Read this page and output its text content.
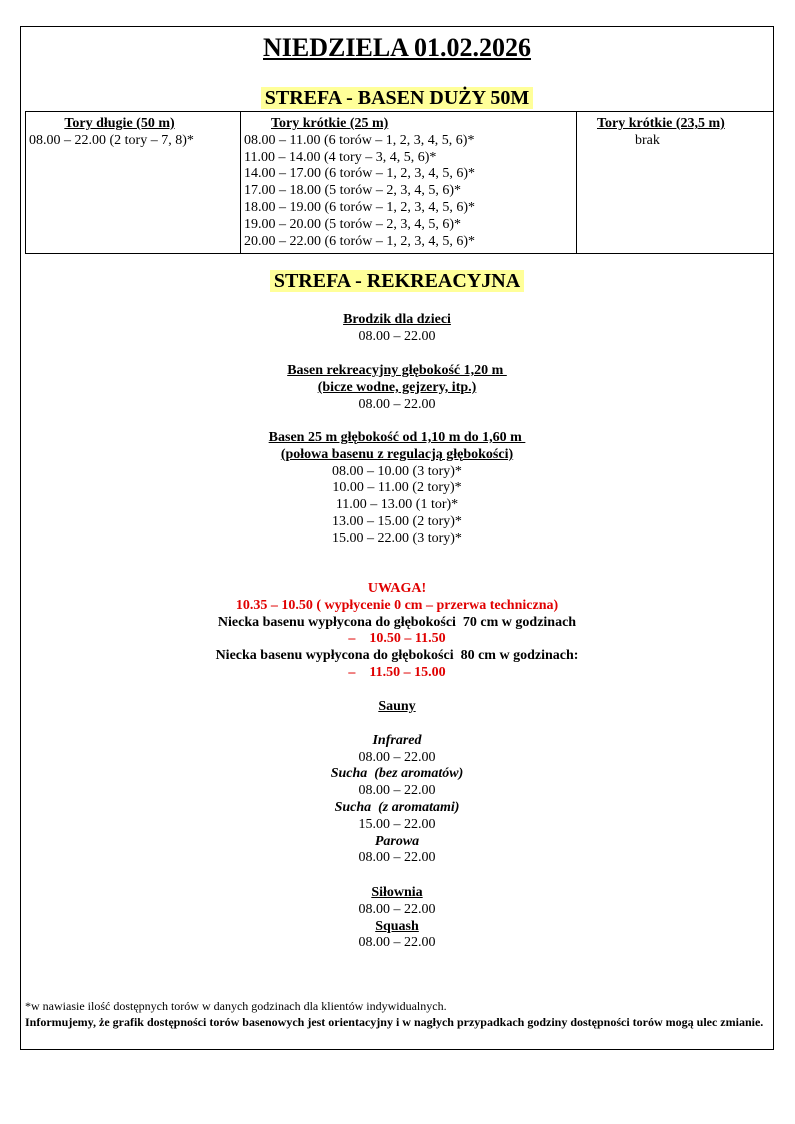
NIEDZIELA 01.02.2026
STREFA - BASEN DUŻY 50M
Tory długie (50 m)
08.00 – 22.00 (2 tory – 7, 8)*
Tory krótkie (25 m)
08.00 – 11.00 (6 torów – 1, 2, 3, 4, 5, 6)*
11.00 – 14.00 (4 tory – 3, 4, 5, 6)*
14.00 – 17.00 (6 torów – 1, 2, 3, 4, 5, 6)*
17.00 – 18.00 (5 torów – 2, 3, 4, 5, 6)*
18.00 – 19.00 (6 torów – 1, 2, 3, 4, 5, 6)*
19.00 – 20.00 (5 torów – 2, 3, 4, 5, 6)*
20.00 – 22.00 (6 torów – 1, 2, 3, 4, 5, 6)*
Tory krótkie (23,5 m)
brak
STREFA - REKREACYJNA
Brodzik dla dzieci
08.00 – 22.00
Basen rekreacyjny głębokość 1,20 m
(bicze wodne, gejzery, itp.)
08.00 – 22.00
Basen 25 m głębokość od 1,10 m do 1,60 m
(połowa basenu z regulacją głębokości)
08.00 – 10.00 (3 tory)*
10.00 – 11.00 (2 tory)*
11.00 – 13.00 (1 tor)*
13.00 – 15.00 (2 tory)*
15.00 – 22.00 (3 tory)*
UWAGA!
10.35 – 10.50 ( wypłycenie 0 cm – przerwa techniczna)
Niecka basenu wypłycona do głębokości  70 cm w godzinach
–    10.50 – 11.50
Niecka basenu wypłycona do głębokości  80 cm w godzinach:
–    11.50 – 15.00
Sauny
Infrared
08.00 – 22.00
Sucha  (bez aromatów)
08.00 – 22.00
Sucha  (z aromatami)
15.00 – 22.00
Parowa
08.00 – 22.00
Siłownia
08.00 – 22.00
Squash
08.00 – 22.00
*w nawiasie ilość dostępnych torów w danych godzinach dla klientów indywidualnych.
Informujemy, że grafik dostępności torów basenowych jest orientacyjny i w nagłych przypadkach godziny dostępności torów mogą ulec zmianie.
